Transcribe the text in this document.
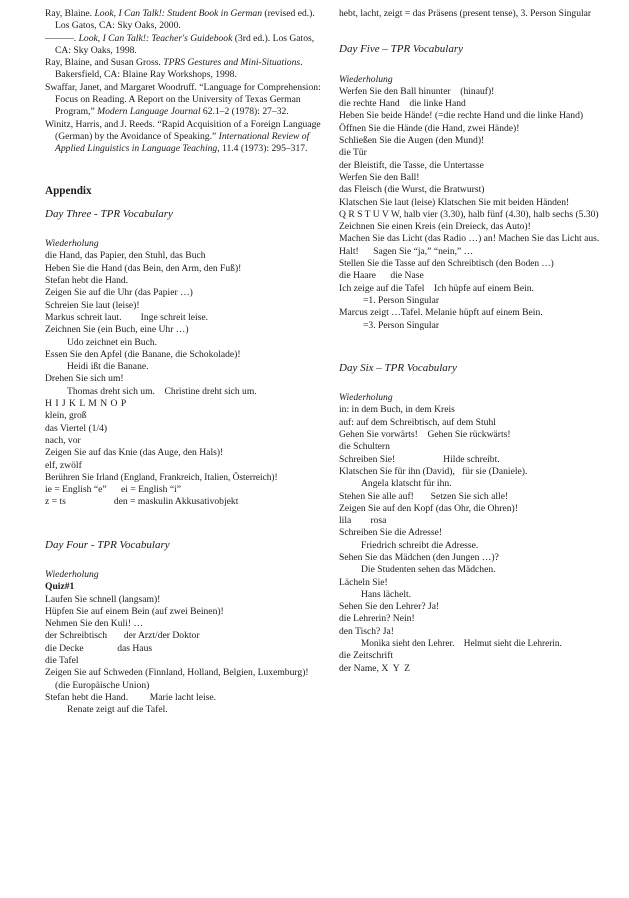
Ray, Blaine. Look, I Can Talk!: Student Book in German (revised ed.). Los Gatos, CA: Sky Oaks, 2000.

———. Look, I Can Talk!: Teacher's Guidebook (3rd ed.). Los Gatos, CA: Sky Oaks, 1998.

Ray, Blaine, and Susan Gross. TPRS Gestures and Mini-Situations. Bakersfield, CA: Blaine Ray Workshops, 1998.

Swaffar, Janet, and Margaret Woodruff. “Language for Comprehension: Focus on Reading. A Report on the University of Texas German Program,” Modern Language Journal 62.1–2 (1978): 27–32.

Winitz, Harris, and J. Reeds. “Rapid Acquisition of a Foreign Language (German) by the Avoidance of Speaking.” International Review of Applied Linguistics in Language Teaching, 11.4 (1973): 295–317.

Appendix

Day Three - TPR Vocabulary

Wiederholung

die Hand, das Papier, den Stuhl, das Buch

Heben Sie die Hand (das Bein, den Arm, den Fuß)!

Stefan hebt die Hand.

Zeigen Sie auf die Uhr (das Papier …)

Schreien Sie laut (leise)!

Markus schreit laut.        Inge schreit leise.

Zeichnen Sie (ein Buch, eine Uhr …)

Udo zeichnet ein Buch.

Essen Sie den Apfel (die Banane, die Schokolade)!

Heidi ißt die Banane.

Drehen Sie sich um!

Thomas dreht sich um.    Christine dreht sich um.

H I J K L M N O P

klein, groß

das Viertel (1/4)

nach, vor

Zeigen Sie auf das Knie (das Auge, den Hals)!

elf, zwölf

Berühren Sie Irland (England, Frankreich, Italien, Österreich)!

ie = English “e”      ei = English “i”

z = ts                    den = maskulin Akkusativobjekt

Day Four - TPR Vocabulary

Wiederholung

Quiz#1

Laufen Sie schnell (langsam)!

Hüpfen Sie auf einem Bein (auf zwei Beinen)!

Nehmen Sie den Kuli! …

der Schreibtisch       der Arzt/der Doktor

die Decke              das Haus

die Tafel

Zeigen Sie auf Schweden (Finnland, Holland, Belgien, Luxemburg)! (die Europäische Union)

Stefan hebt die Hand.         Marie lacht leise.

Renate zeigt auf die Tafel.

hebt, lacht, zeigt = das Präsens (present tense), 3. Person Singular

Day Five – TPR Vocabulary

Wiederholung

Werfen Sie den Ball hinunter    (hinauf)!

die rechte Hand    die linke Hand

Heben Sie beide Hände! (=die rechte Hand und die linke Hand)

Öffnen Sie die Hände (die Hand, zwei Hände)!

Schließen Sie die Augen (den Mund)!

die Tür

der Bleistift, die Tasse, die Untertasse

Werfen Sie den Ball!

das Fleisch (die Wurst, die Bratwurst)

Klatschen Sie laut (leise) Klatschen Sie mit beiden Händen!

Q R S T U V W, halb vier (3.30), halb fünf (4.30), halb sechs (5.30)

Zeichnen Sie einen Kreis (ein Dreieck, das Auto)!

Machen Sie das Licht (das Radio …) an! Machen Sie das Licht aus.

Halt!      Sagen Sie “ja,” “nein,” …

Stellen Sie die Tasse auf den Schreibtisch (den Boden …)

die Haare      die Nase

Ich zeige auf die Tafel    Ich hüpfe auf einem Bein.

=1. Person Singular

Marcus zeigt …Tafel. Melanie hüpft auf einem Bein.

=3. Person Singular

Day Six – TPR Vocabulary

Wiederholung

in: in dem Buch, in dem Kreis

auf: auf dem Schreibtisch, auf dem Stuhl

Gehen Sie vorwärts!    Gehen Sie rückwärts!

die Schultern

Schreiben Sie!                    Hilde schreibt.

Klatschen Sie für ihn (David),   für sie (Daniele).

Angela klatscht für ihn.

Stehen Sie alle auf!       Setzen Sie sich alle!

Zeigen Sie auf den Kopf (das Ohr, die Ohren)!

lila        rosa

Schreiben Sie die Adresse!

Friedrich schreibt die Adresse.

Sehen Sie das Mädchen (den Jungen …)?

Die Studenten sehen das Mädchen.

Lächeln Sie!

Hans lächelt.

Sehen Sie den Lehrer? Ja!

die Lehrerin? Nein!

den Tisch? Ja!

Monika sieht den Lehrer.    Helmut sieht die Lehrerin.

die Zeitschrift

der Name, X  Y  Z
